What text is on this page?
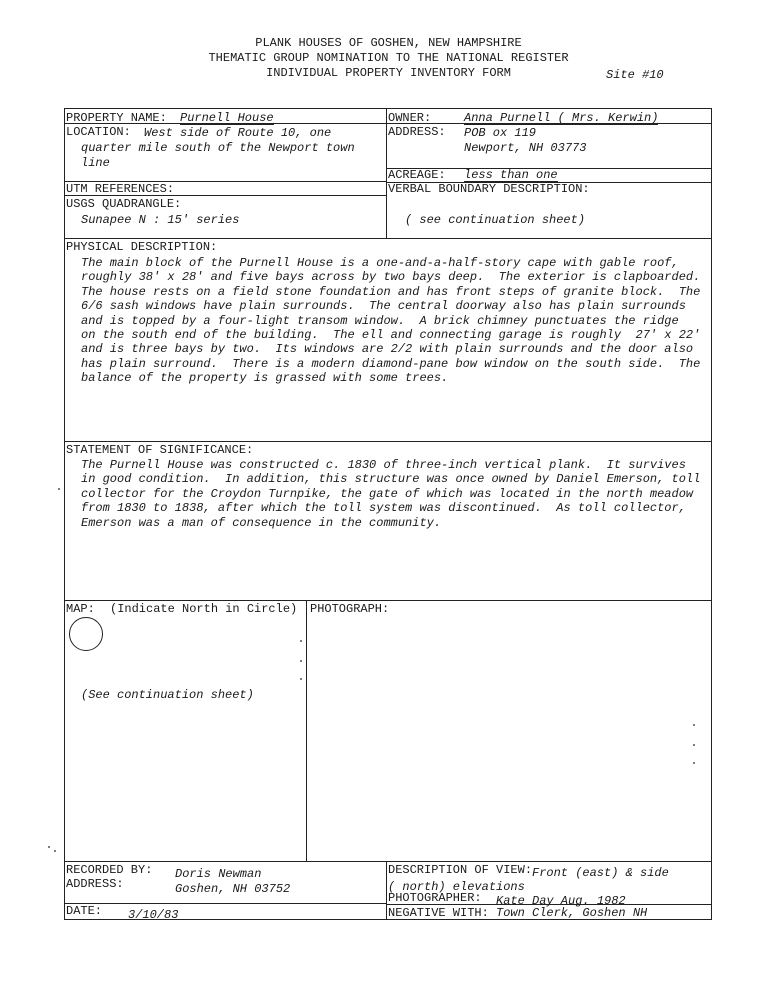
PLANK HOUSES OF GOSHEN, NEW HAMPSHIRE
THEMATIC GROUP NOMINATION TO THE NATIONAL REGISTER
INDIVIDUAL PROPERTY INVENTORY FORM	Site #10
PROPERTY NAME: Purnell House	OWNER:	Anna Purnell ( Mrs. Kerwin)
LOCATION: West side of Route 10, one
quarter mile south of the Newport town
line
ADDRESS: POB ox 119
Newport, NH 03773
ACREAGE: less than one
UTM REFERENCES:	VERBAL BOUNDARY DESCRIPTION:
( see continuation sheet)
USGS QUADRANGLE:
Sunapee N : 15' series
PHYSICAL DESCRIPTION:
The main block of the Purnell House is a one-and-a-half-story cape with gable roof,
roughly 38' x 28' and five bays across by two bays deep.  The exterior is clapboarded.
The house rests on a field stone foundation and has front steps of granite block.  The
6/6 sash windows have plain surrounds.  The central doorway also has plain surrounds
and is topped by a four-light transom window.  A brick chimney punctuates the ridge
on the south end of the building.  The ell and connecting garage is roughly  27' x 22'
and is three bays by two.  Its windows are 2/2 with plain surrounds and the door also
has plain surround.  There is a modern diamond-pane bow window on the south side.  The
balance of the property is grassed with some trees.
STATEMENT OF SIGNIFICANCE:
The Purnell House was constructed c. 1830 of three-inch vertical plank.  It survives
in good condition.  In addition, this structure was once owned by Daniel Emerson, toll
collector for the Croydon Turnpike, the gate of which was located in the north meadow
from 1830 to 1838, after which the toll system was discontinued.  As toll collector,
Emerson was a man of consequence in the community.
MAP: (Indicate North in Circle)
(See continuation sheet)
PHOTOGRAPH:
RECORDED BY: Doris Newman
ADDRESS:	Goshen, NH 03752
DATE: 3/10/83
DESCRIPTION OF VIEW: Front (east) & side
( north) elevations
PHOTOGRAPHER: Kate Day Aug. 1982
NEGATIVE WITH: Town Clerk, Goshen NH
